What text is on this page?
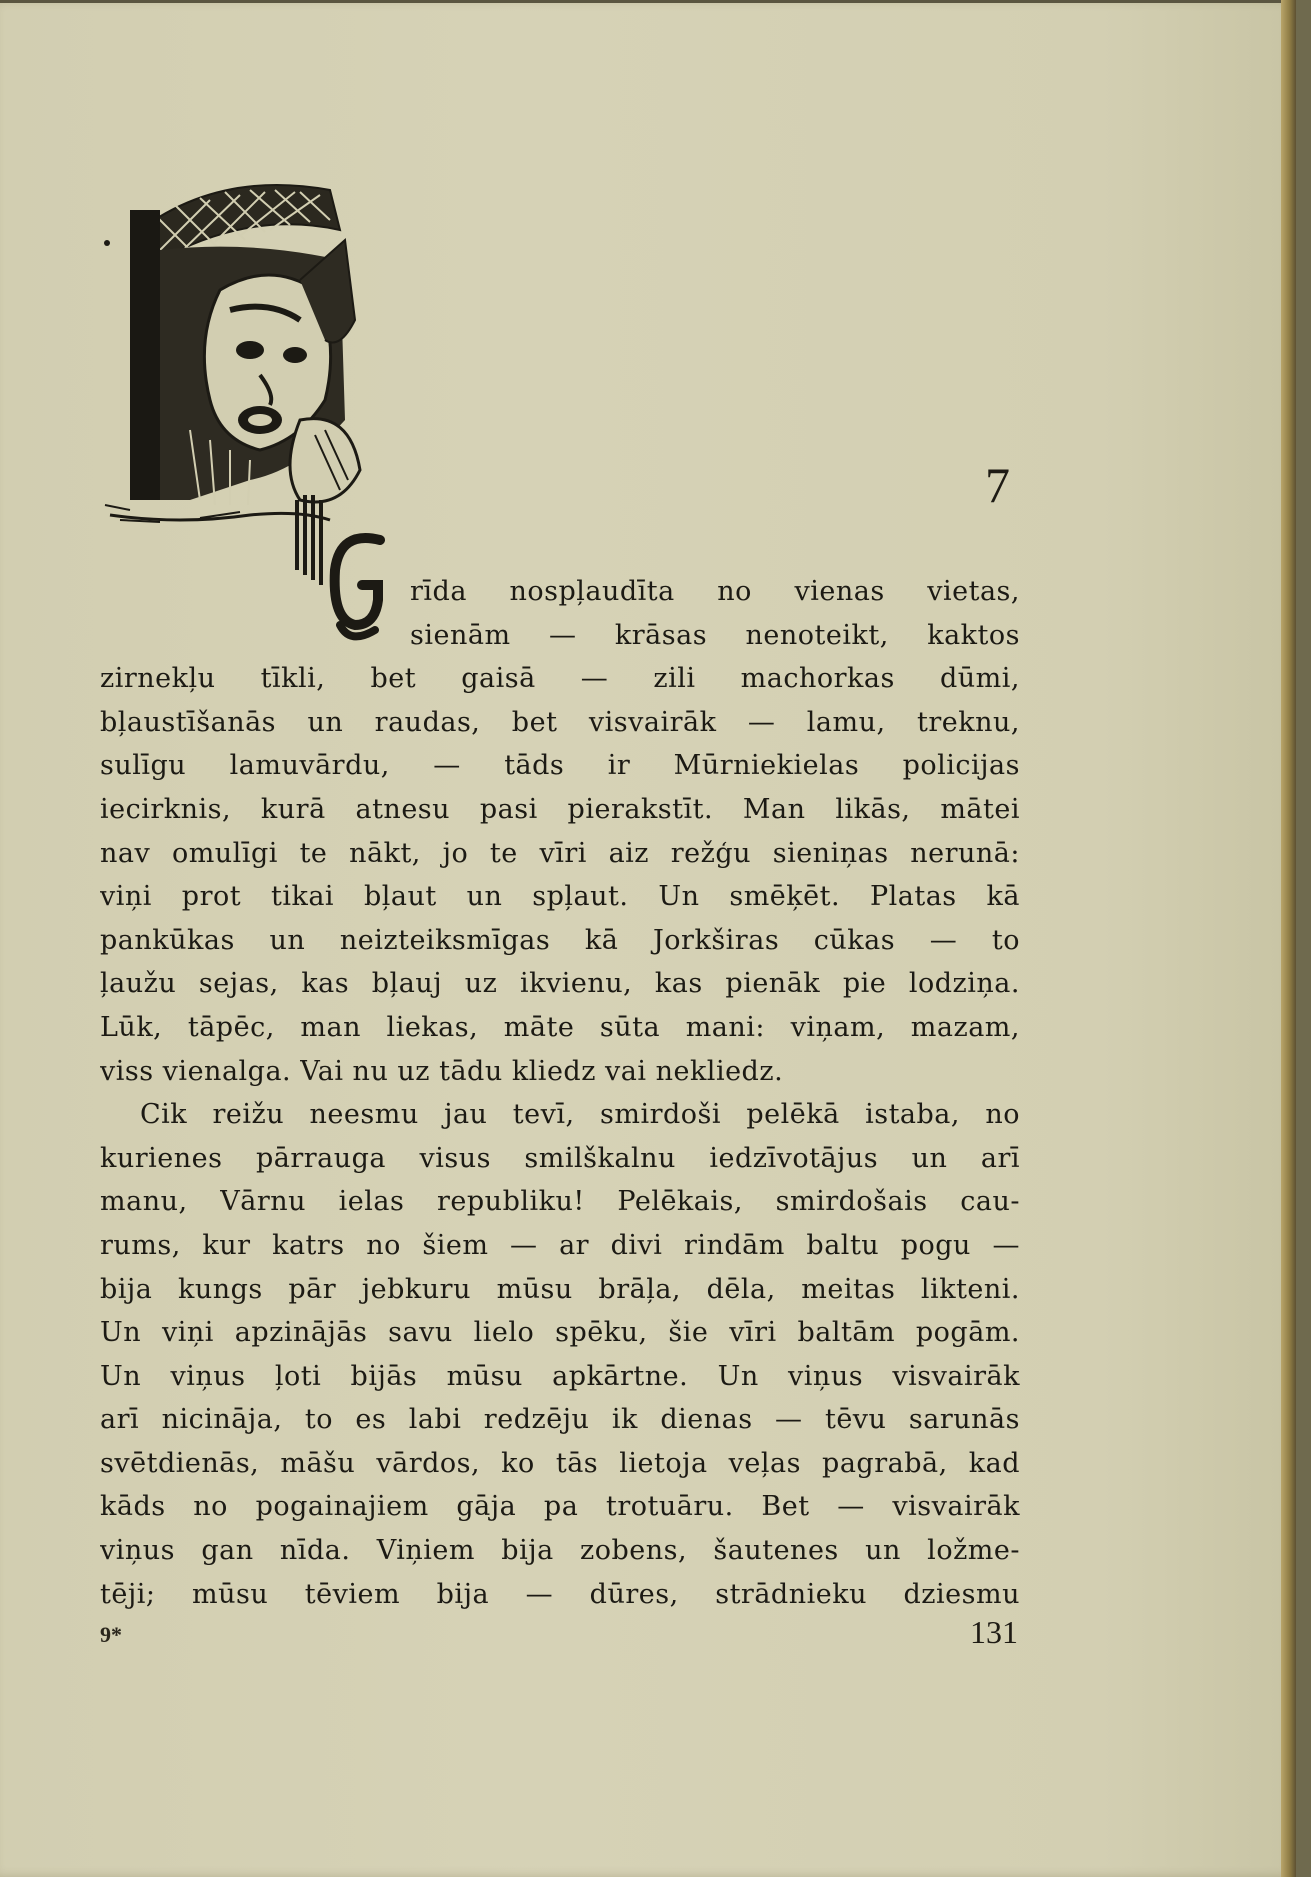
7
rīda nospļaudīta no vienas vietas,
sienām — krāsas nenoteikt, kaktos
zirnekļu tīkli, bet gaisā — zili machorkas dūmi,
bļaustīšanās un raudas, bet visvairāk — lamu, treknu,
sulīgu lamuvārdu, — tāds ir Mūrniekielas policijas
iecirknis, kurā atnesu pasi pierakstīt. Man likās, mātei
nav omulīgi te nākt, jo te vīri aiz režģu sieniņas nerunā:
viņi prot tikai bļaut un spļaut. Un smēķēt. Platas kā
pankūkas un neizteiksmīgas kā Jorkširas cūkas — to
ļaužu sejas, kas bļauj uz ikvienu, kas pienāk pie lodziņa.
Lūk, tāpēc, man liekas, māte sūta mani: viņam, mazam,
viss vienalga. Vai nu uz tādu kliedz vai nekliedz.
Cik reižu neesmu jau tevī, smirdoši pelēkā istaba, no
kurienes pārrauga visus smilškalnu iedzīvotājus un arī
manu, Vārnu ielas republiku! Pelēkais, smirdošais cau-
rums, kur katrs no šiem — ar divi rindām baltu pogu —
bija kungs pār jebkuru mūsu brāļa, dēla, meitas likteni.
Un viņi apzinājās savu lielo spēku, šie vīri baltām pogām.
Un viņus ļoti bijās mūsu apkārtne. Un viņus visvairāk
arī nicināja, to es labi redzēju ik dienas — tēvu sarunās
svētdienās, māšu vārdos, ko tās lietoja veļas pagrabā, kad
kāds no pogainajiem gāja pa trotuāru. Bet — visvairāk
viņus gan nīda. Viņiem bija zobens, šautenes un ložme-
tēji; mūsu tēviem bija — dūres, strādnieku dziesmu
9*	131
